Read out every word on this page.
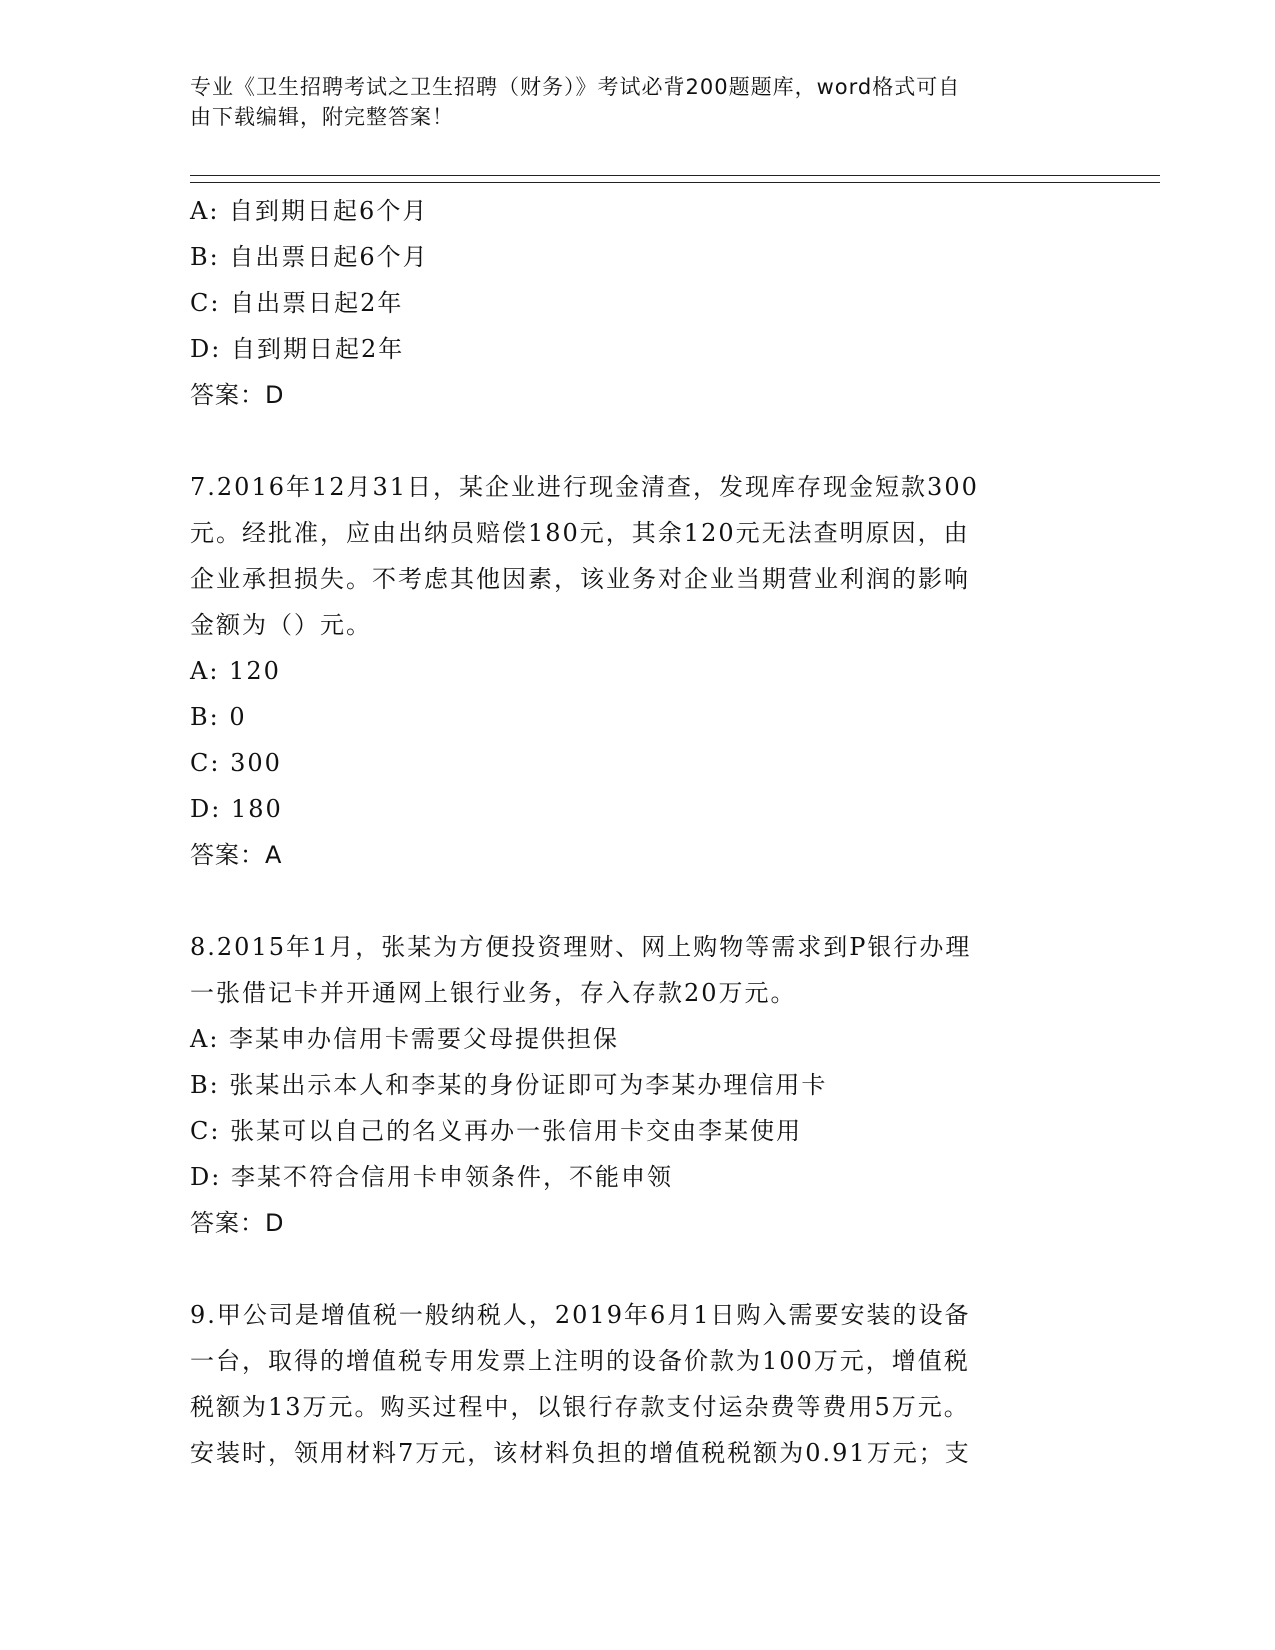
专业《卫生招聘考试之卫生招聘（财务）》考试必背200题题库，word格式可自
由下载编辑，附完整答案！
A: 自到期日起6个月
B: 自出票日起6个月
C: 自出票日起2年
D: 自到期日起2年
答案：D
7.2016年12月31日，某企业进行现金清查，发现库存现金短款300
元。经批准，应由出纳员赔偿180元，其余120元无法查明原因，由
企业承担损失。不考虑其他因素，该业务对企业当期营业利润的影响
金额为（）元。
A: 120
B: 0
C: 300
D: 180
答案：A
8.2015年1月，张某为方便投资理财、网上购物等需求到P银行办理
一张借记卡并开通网上银行业务，存入存款20万元。
A: 李某申办信用卡需要父母提供担保
B: 张某出示本人和李某的身份证即可为李某办理信用卡
C: 张某可以自己的名义再办一张信用卡交由李某使用
D: 李某不符合信用卡申领条件，不能申领
答案：D
9.甲公司是增值税一般纳税人，2019年6月1日购入需要安装的设备
一台，取得的增值税专用发票上注明的设备价款为100万元，增值税
税额为13万元。购买过程中，以银行存款支付运杂费等费用5万元。
安装时，领用材料7万元，该材料负担的增值税税额为0.91万元；支
